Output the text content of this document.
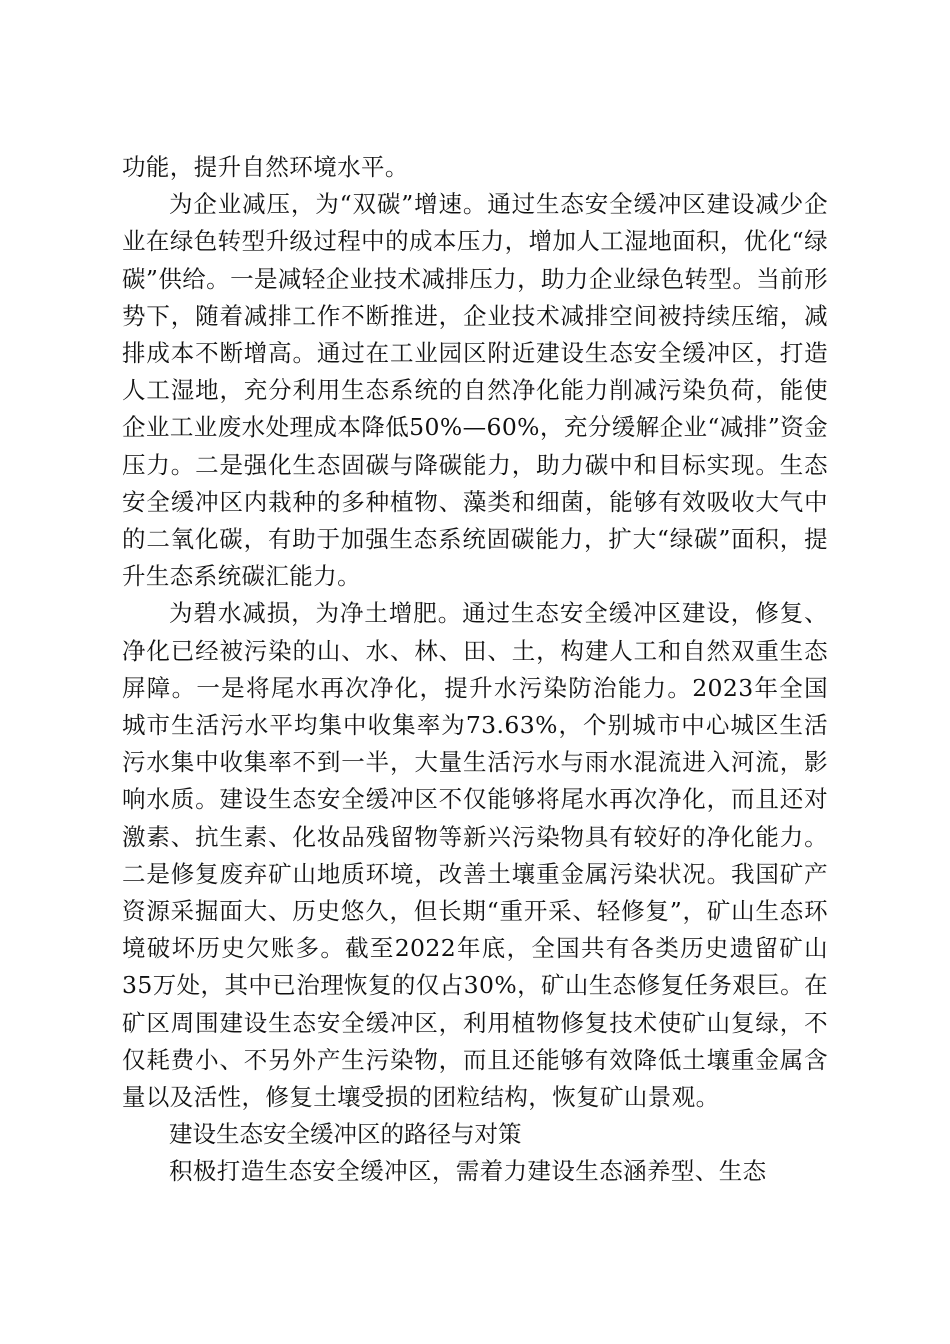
功能，提升自然环境水平。

为企业减压，为“双碳”增速。通过生态安全缓冲区建设减少企业在绿色转型升级过程中的成本压力，增加人工湿地面积，优化“绿碳”供给。一是减轻企业技术减排压力，助力企业绿色转型。当前形势下，随着减排工作不断推进，企业技术减排空间被持续压缩，减排成本不断增高。通过在工业园区附近建设生态安全缓冲区，打造人工湿地，充分利用生态系统的自然净化能力削减污染负荷，能使企业工业废水处理成本降低50%—60%，充分缓解企业“减排”资金压力。二是强化生态固碳与降碳能力，助力碳中和目标实现。生态安全缓冲区内栽种的多种植物、藻类和细菌，能够有效吸收大气中的二氧化碳，有助于加强生态系统固碳能力，扩大“绿碳”面积，提升生态系统碳汇能力。

为碧水减损，为净土增肥。通过生态安全缓冲区建设，修复、净化已经被污染的山、水、林、田、土，构建人工和自然双重生态屏障。一是将尾水再次净化，提升水污染防治能力。2023年全国城市生活污水平均集中收集率为73.63%，个别城市中心城区生活污水集中收集率不到一半，大量生活污水与雨水混流进入河流，影响水质。建设生态安全缓冲区不仅能够将尾水再次净化，而且还对激素、抗生素、化妆品残留物等新兴污染物具有较好的净化能力。二是修复废弃矿山地质环境，改善土壤重金属污染状况。我国矿产资源采掘面大、历史悠久，但长期“重开采、轻修复”，矿山生态环境破坏历史欠账多。截至2022年底，全国共有各类历史遗留矿山35万处，其中已治理恢复的仅占30%，矿山生态修复任务艰巨。在矿区周围建设生态安全缓冲区，利用植物修复技术使矿山复绿，不仅耗费小、不另外产生污染物，而且还能够有效降低土壤重金属含量以及活性，修复土壤受损的团粒结构，恢复矿山景观。

建设生态安全缓冲区的路径与对策

积极打造生态安全缓冲区，需着力建设生态涵养型、生态
